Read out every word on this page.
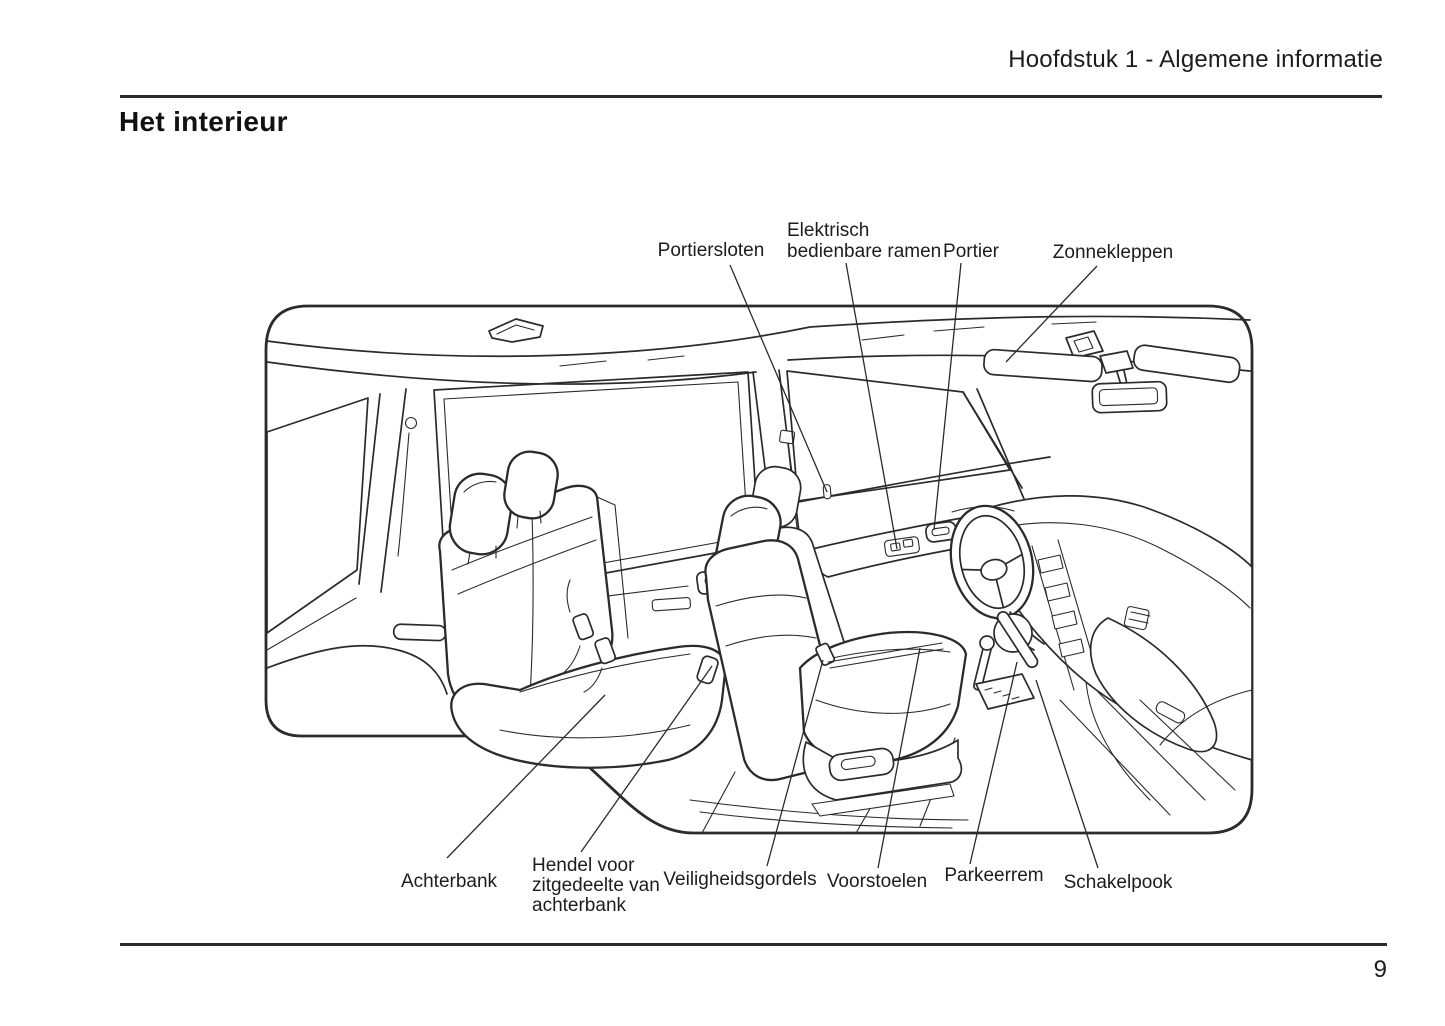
Hoofdstuk 1 - Algemene informatie
Het interieur
Portiersloten
Elektrisch
bedienbare ramen Portier	Zonnekleppen
Achterbank
Hendel voor
zitgedeelte van
achterbank
Veiligheidsgordels Voorstoelen Parkeerrem Schakelpook
9
